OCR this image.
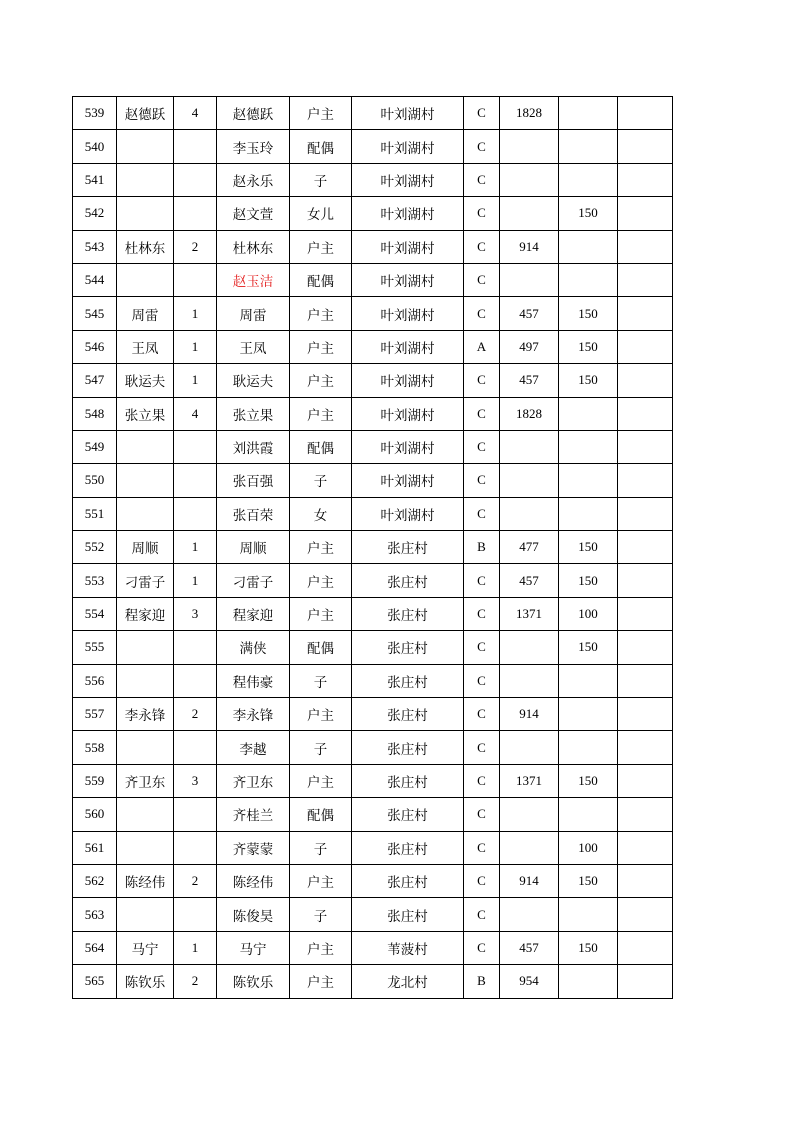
539	赵德跃	4	赵德跃	户主	叶刘湖村	C	1828		
540			李玉玲	配偶	叶刘湖村	C			
541			赵永乐	子	叶刘湖村	C			
542			赵文萱	女儿	叶刘湖村	C		150	
543	杜林东	2	杜林东	户主	叶刘湖村	C	914		
544			赵玉洁	配偶	叶刘湖村	C			
545	周雷	1	周雷	户主	叶刘湖村	C	457	150	
546	王凤	1	王凤	户主	叶刘湖村	A	497	150	
547	耿运夫	1	耿运夫	户主	叶刘湖村	C	457	150	
548	张立果	4	张立果	户主	叶刘湖村	C	1828		
549			刘洪霞	配偶	叶刘湖村	C			
550			张百强	子	叶刘湖村	C			
551			张百荣	女	叶刘湖村	C			
552	周顺	1	周顺	户主	张庄村	B	477	150	
553	刁雷子	1	刁雷子	户主	张庄村	C	457	150	
554	程家迎	3	程家迎	户主	张庄村	C	1371	100	
555			满侠	配偶	张庄村	C		150	
556			程伟豪	子	张庄村	C			
557	李永锋	2	李永锋	户主	张庄村	C	914		
558			李越	子	张庄村	C			
559	齐卫东	3	齐卫东	户主	张庄村	C	1371	150	
560			齐桂兰	配偶	张庄村	C			
561			齐蒙蒙	子	张庄村	C		100	
562	陈经伟	2	陈经伟	户主	张庄村	C	914	150	
563			陈俊昊	子	张庄村	C			
564	马宁	1	马宁	户主	苇菠村	C	457	150	
565	陈钦乐	2	陈钦乐	户主	龙北村	B	954		
